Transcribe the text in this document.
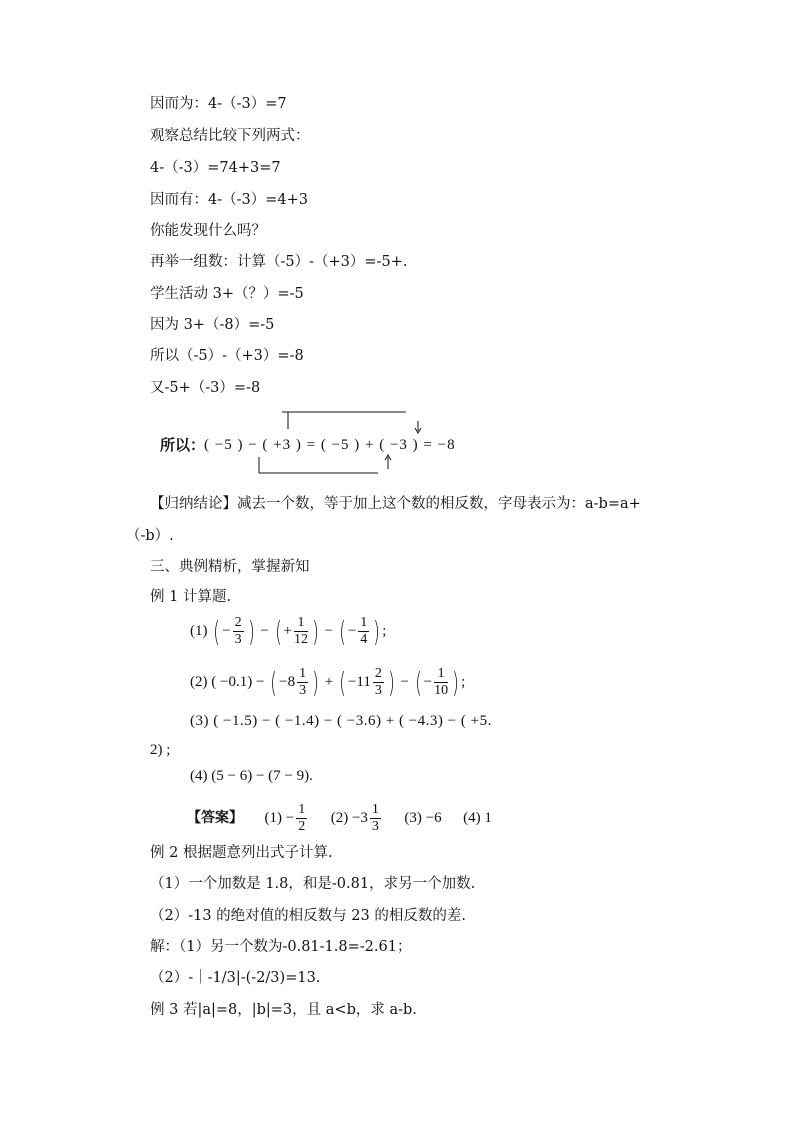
因而为：4-（-3）=7
观察总结比较下列两式：
4-（-3）=74+3=7
因而有：4-（-3）=4+3
你能发现什么吗？
再举一组数：计算（-5）-（+3）=-5+.
学生活动 3+（？）=-5
因为 3+（-8）=-5
所以（-5）-（+3）=-8
又-5+（-3）=-8
所以：
( −5 ) − ( +3 ) = ( −5 ) + ( −3 ) = −8
【归纳结论】减去一个数，等于加上这个数的相反数，字母表示为：a-b=a+
（-b）.
三、典例精析，掌握新知
例 1 计算题.
(1) ( − $\frac{2}{3}$ ) − ( + $\frac{1}{12}$ ) − ( − $\frac{1}{4}$ ) ;
(2) ( −0.1) − ( $-8 \frac{1}{3}$ ) + ( $-11 \frac{2}{3}$ ) − ( − $\frac{1}{10}$ ) ;
(3) ( −1.5) − ( −1.4) − ( −3.6) + ( −4.3) − ( +5.
2) ;
(4) (5 − 6) − (7 − 9).
【答案】 $(1) - \frac{1}{2} (2) -3 \frac{1}{3} (3) -6$ (4) 1
例 2 根据题意列出式子计算.
（1）一个加数是 1.8，和是-0.81，求另一个加数.
（2）-13 的绝对值的相反数与 23 的相反数的差.
解：（1）另一个数为-0.81-1.8=-2.61；
（2）-｜-1/3|-(-2/3)=13.
例 3 若|a|=8，|b|=3，且 a<b，求 a-b.
